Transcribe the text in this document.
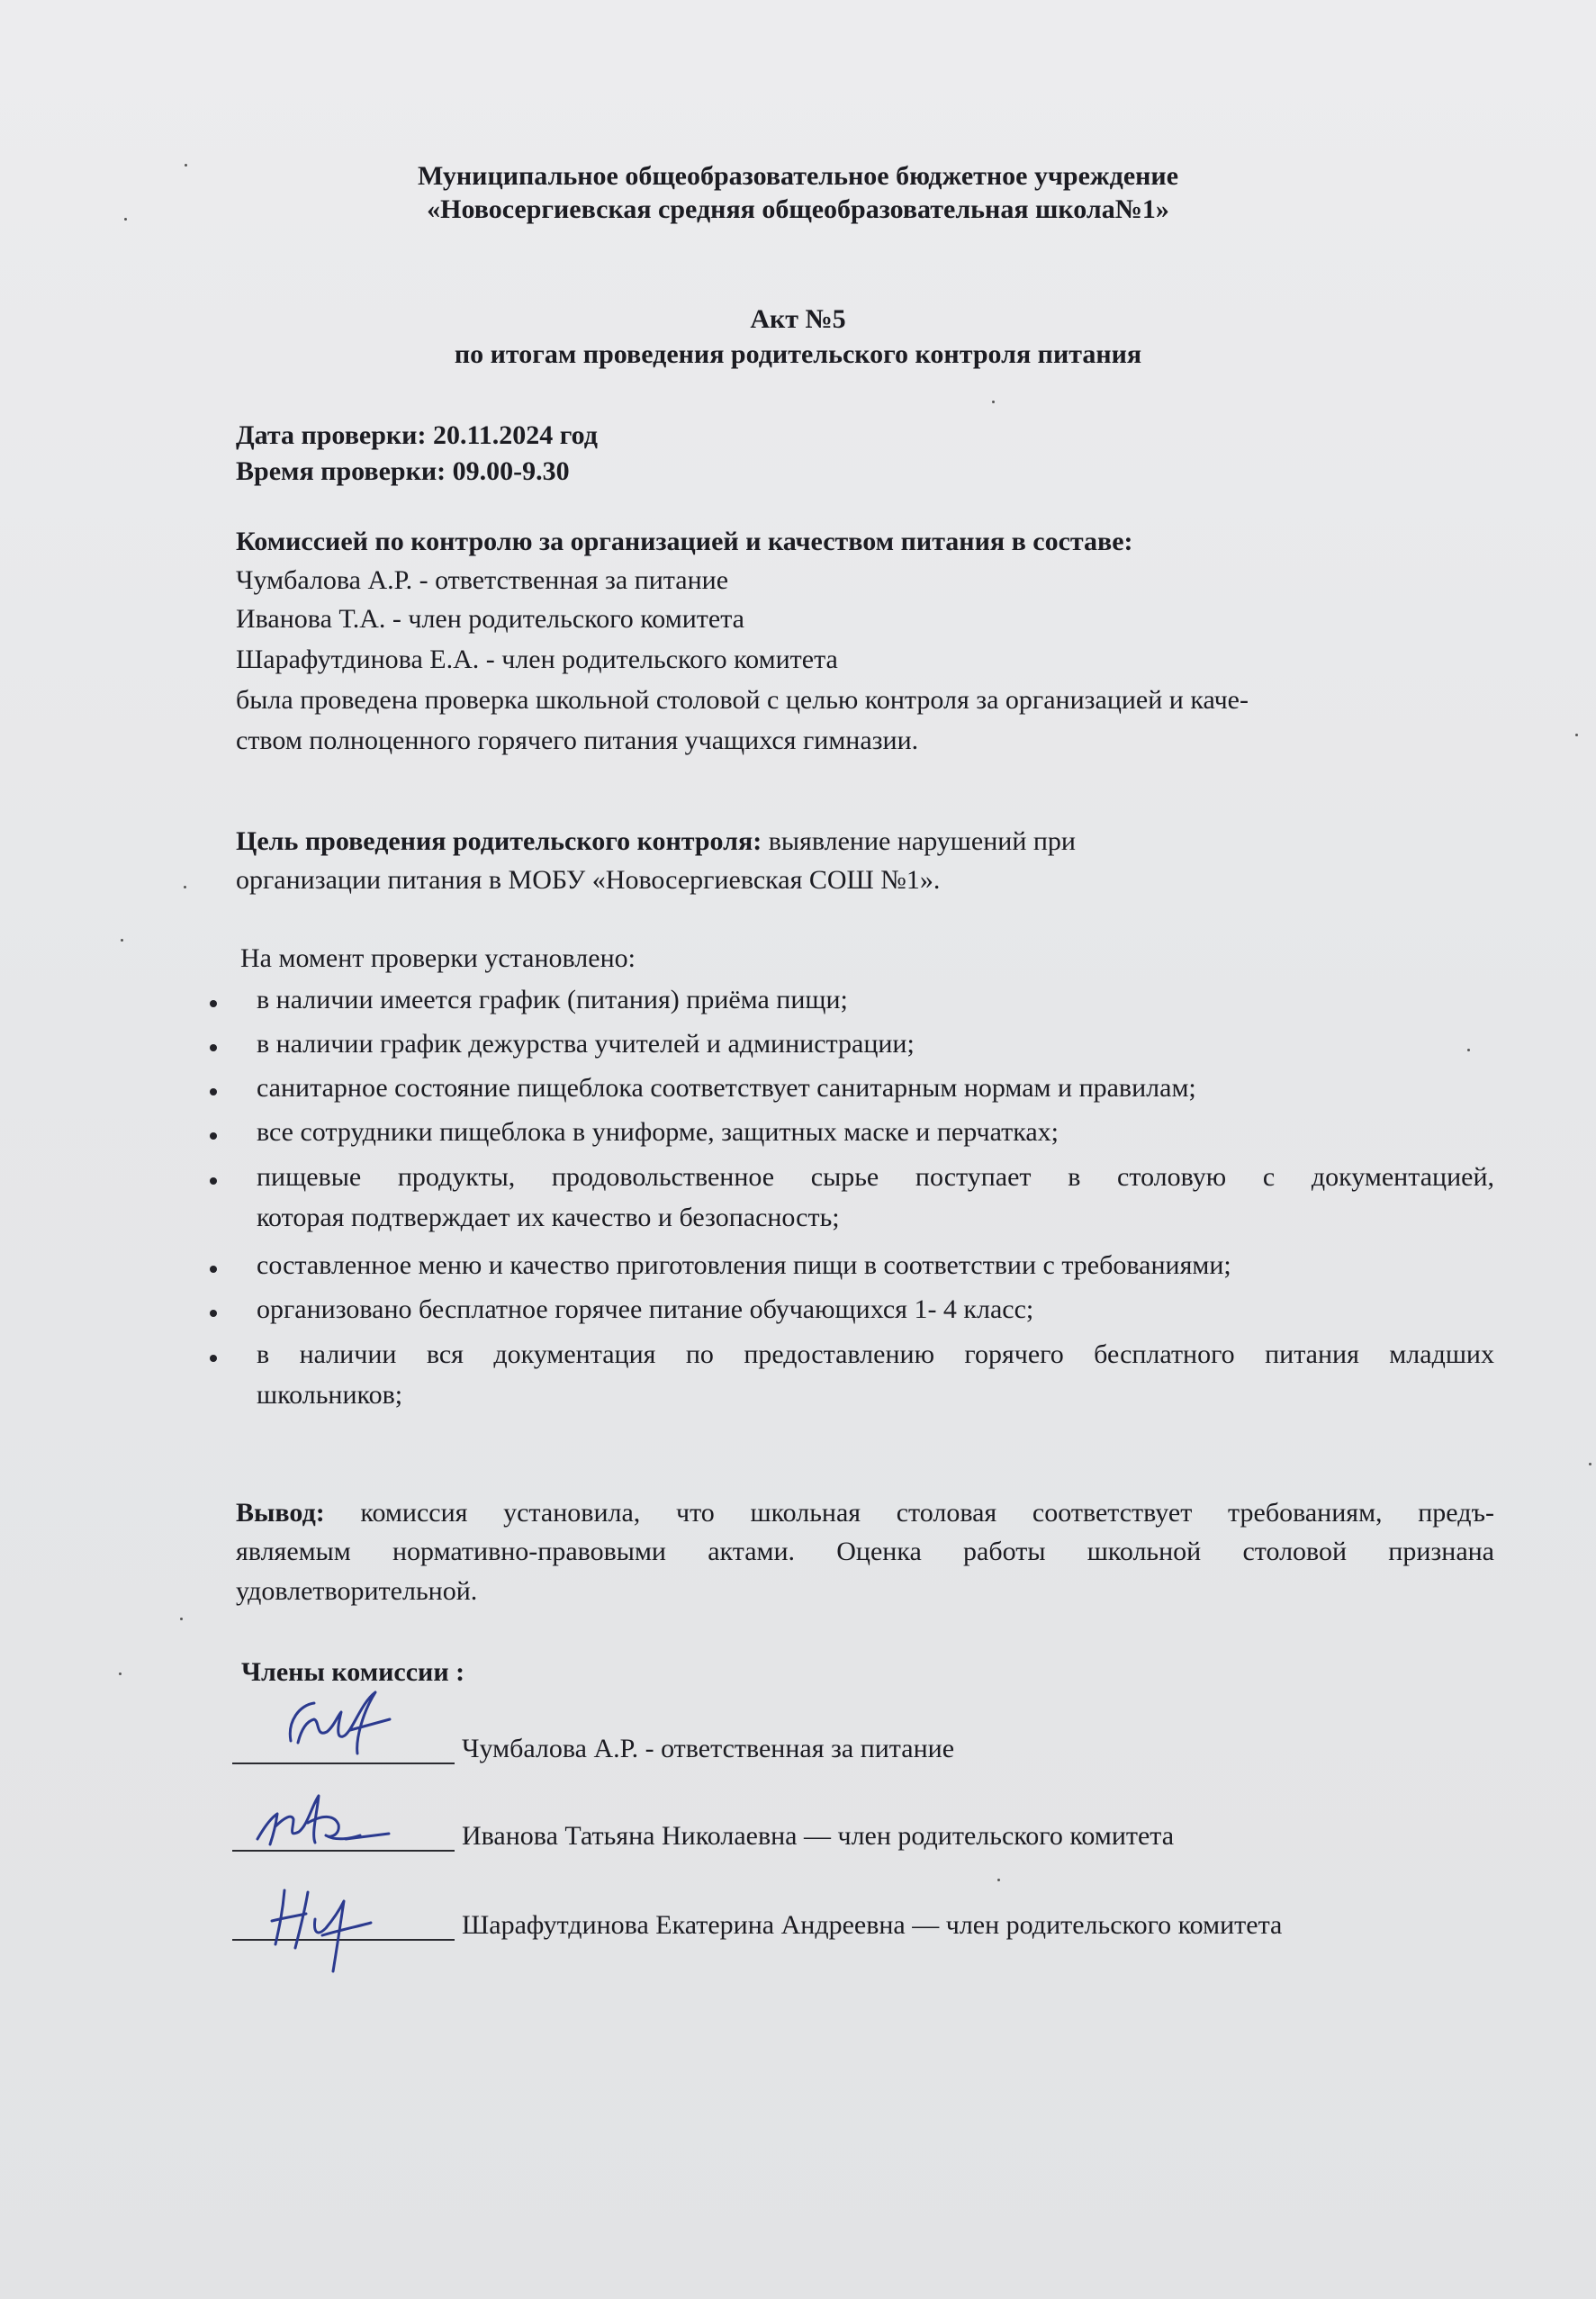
Муниципальное общеобразовательное бюджетное учреждение

«Новосергиевская средняя общеобразовательная школа№1»

Акт №5

по итогам проведения родительского контроля питания

Дата проверки: 20.11.2024 год

Время проверки: 09.00-9.30

Комиссией по контролю за организацией и качеством питания в составе:

Чумбалова А.Р. - ответственная за питание

Иванова Т.А. - член родительского комитета

Шарафутдинова Е.А. - член родительского комитета

была проведена проверка школьной столовой с целью контроля за организацией и каче-

ством полноценного горячего питания учащихся гимназии.

Цель проведения родительского контроля: выявление нарушений при

организации питания в МОБУ «Новосергиевская СОШ №1».

На момент проверки установлено:

в наличии имеется график (питания) приёма пищи;

в наличии график дежурства учителей и администрации;

санитарное состояние пищеблока соответствует санитарным нормам и правилам;

все сотрудники пищеблока в униформе, защитных маске и перчатках;

пищевые продукты, продовольственное сырье поступает в столовую с документацией,

которая подтверждает их качество и безопасность;

составленное меню и качество приготовления пищи в соответствии с требованиями;

организовано бесплатное горячее питание обучающихся 1- 4 класс;

в наличии вся документация по предоставлению горячего бесплатного питания младших

школьников;

Вывод: комиссия установила, что школьная столовая соответствует требованиям, предъ-

являемым нормативно-правовыми актами. Оценка работы школьной столовой признана

удовлетворительной.

Члены комиссии :

Чумбалова А.Р. - ответственная за питание

Иванова Татьяна Николаевна — член родительского комитета

Шарафутдинова Екатерина Андреевна — член родительского комитета
